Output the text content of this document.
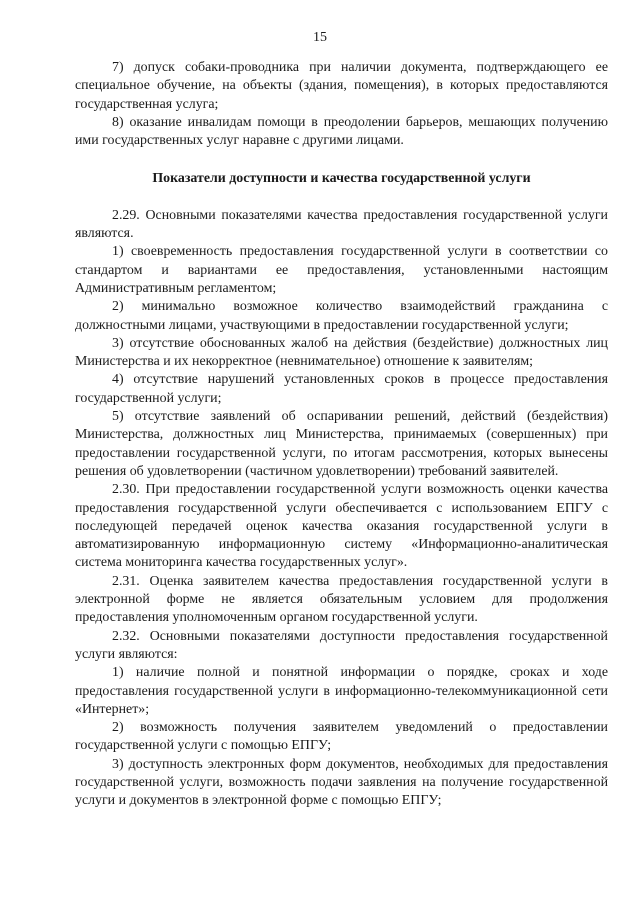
15

7) допуск собаки-проводника при наличии документа, подтверждающего ее специальное обучение, на объекты (здания, помещения), в которых предоставляются государственная услуга;

8) оказание инвалидам помощи в преодолении барьеров, мешающих получению ими государственных услуг наравне с другими лицами.

Показатели доступности и качества государственной услуги

2.29. Основными показателями качества предоставления государственной услуги являются.

1) своевременность предоставления государственной услуги в соответствии со стандартом и вариантами ее предоставления, установленными настоящим Административным регламентом;

2) минимально возможное количество взаимодействий гражданина с должностными лицами, участвующими в предоставлении государственной услуги;

3) отсутствие обоснованных жалоб на действия (бездействие) должностных лиц Министерства и их некорректное (невнимательное) отношение к заявителям;

4) отсутствие нарушений установленных сроков в процессе предоставления государственной услуги;

5) отсутствие заявлений об оспаривании решений, действий (бездействия) Министерства, должностных лиц Министерства, принимаемых (совершенных) при предоставлении государственной услуги, по итогам рассмотрения, которых вынесены решения об удовлетворении (частичном удовлетворении) требований заявителей.

2.30. При предоставлении государственной услуги возможность оценки качества предоставления государственной услуги обеспечивается с использованием ЕПГУ с последующей передачей оценок качества оказания государственной услуги в автоматизированную информационную систему «Информационно-аналитическая система мониторинга качества государственных услуг».

2.31. Оценка заявителем качества предоставления государственной услуги в электронной форме не является обязательным условием для продолжения предоставления уполномоченным органом государственной услуги.

2.32. Основными показателями доступности предоставления государственной услуги являются:

1) наличие полной и понятной информации о порядке, сроках и ходе предоставления государственной услуги в информационно-телекоммуникационной сети «Интернет»;

2) возможность получения заявителем уведомлений о предоставлении государственной услуги с помощью ЕПГУ;

3) доступность электронных форм документов, необходимых для предоставления государственной услуги, возможность подачи заявления на получение государственной услуги и документов в электронной форме с помощью ЕПГУ;
